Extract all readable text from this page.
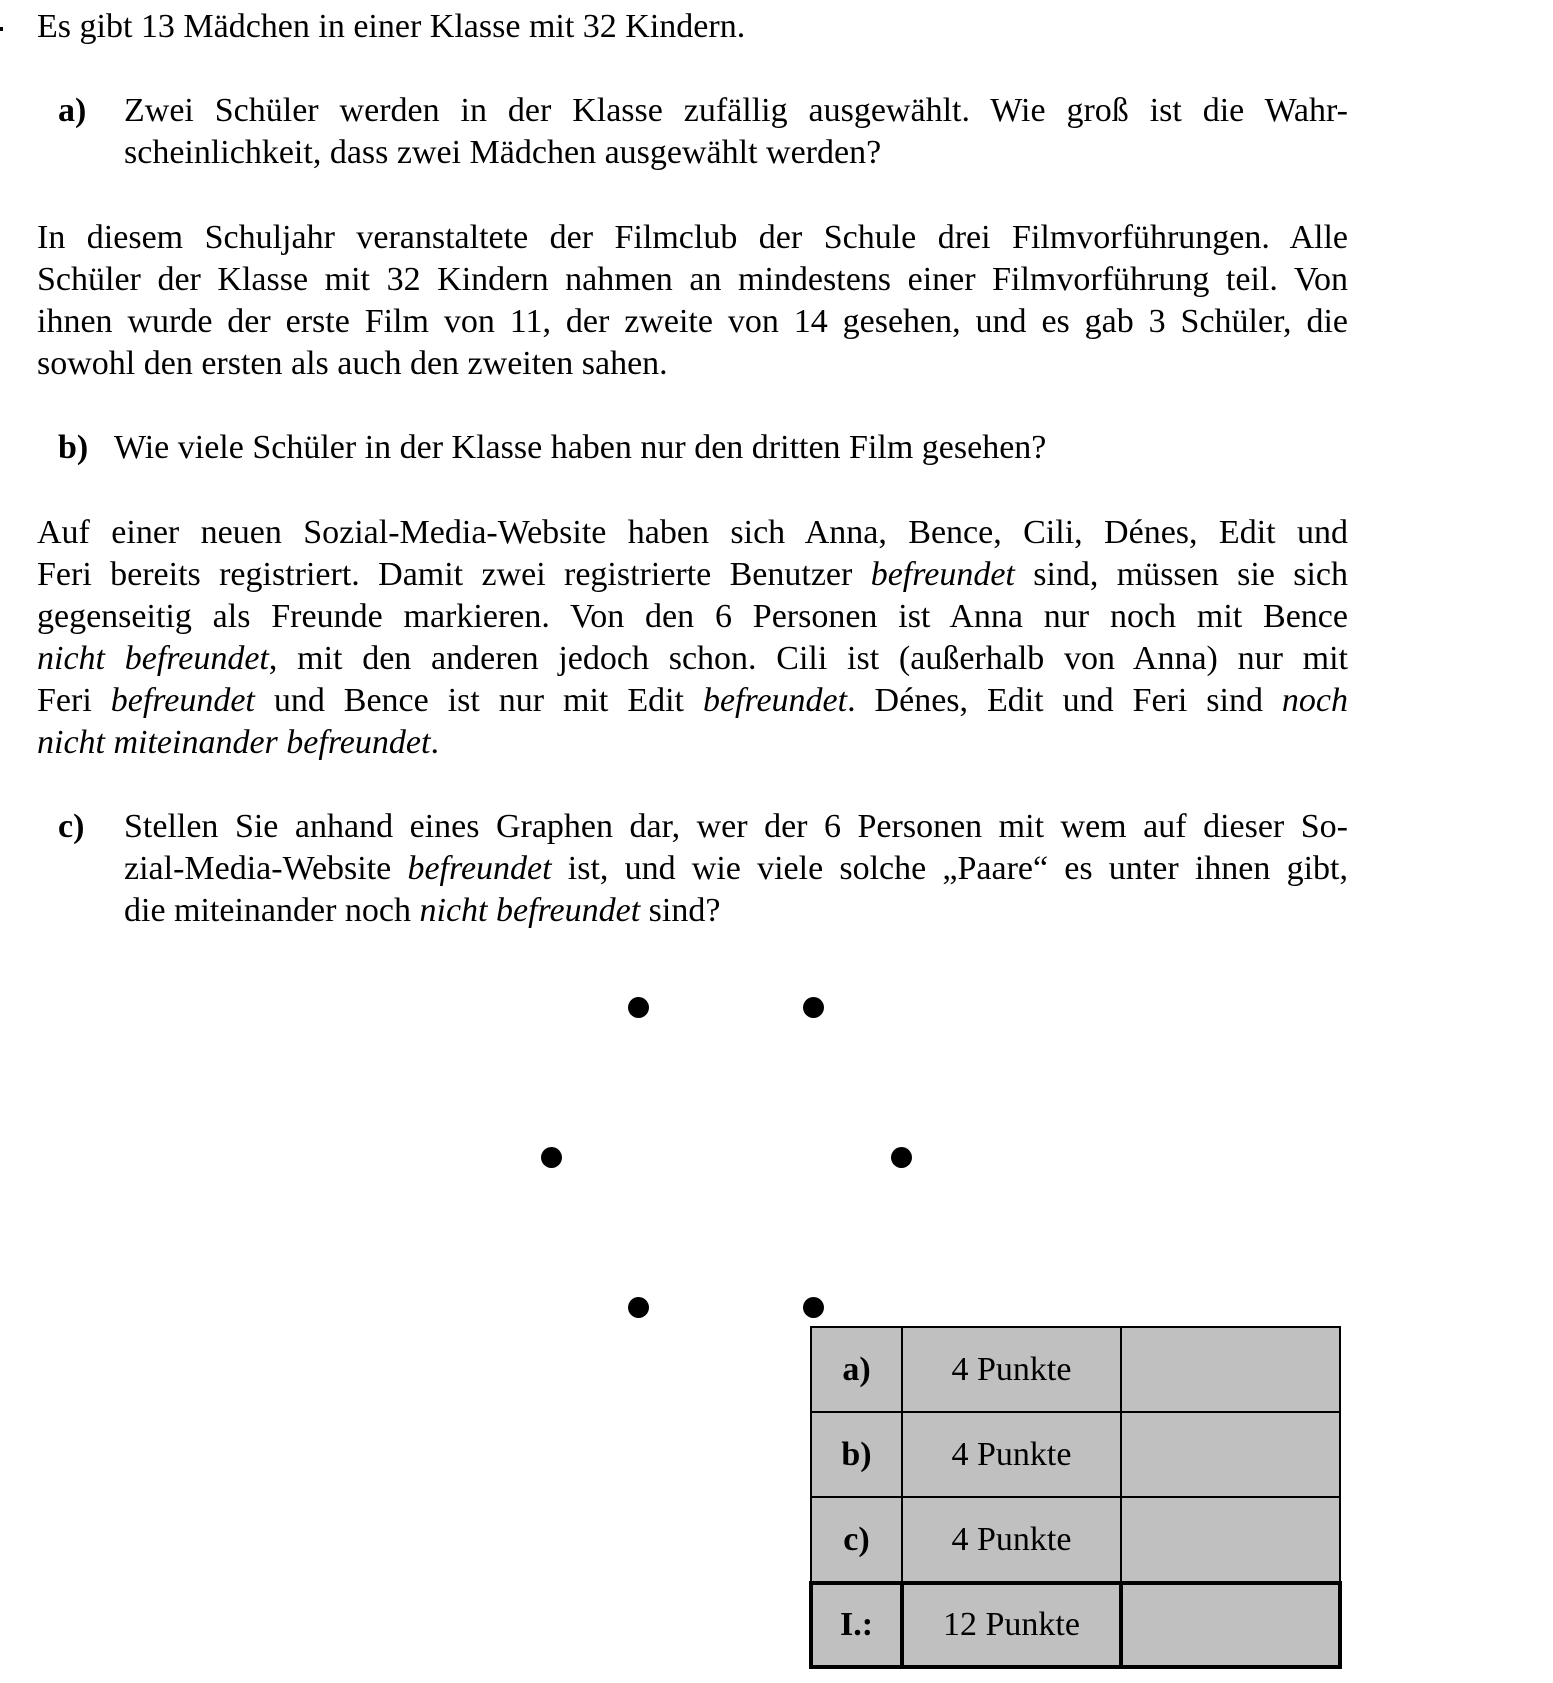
Es gibt 13 Mädchen in einer Klasse mit 32 Kindern.

a) Zwei Schüler werden in der Klasse zufällig ausgewählt. Wie groß ist die Wahr-

scheinlichkeit, dass zwei Mädchen ausgewählt werden?

In diesem Schuljahr veranstaltete der Filmclub der Schule drei Filmvorführungen. Alle

Schüler der Klasse mit 32 Kindern nahmen an mindestens einer Filmvorführung teil. Von

ihnen wurde der erste Film von 11, der zweite von 14 gesehen, und es gab 3 Schüler, die

sowohl den ersten als auch den zweiten sahen.

b) Wie viele Schüler in der Klasse haben nur den dritten Film gesehen?

Auf einer neuen Sozial-Media-Website haben sich Anna, Bence, Cili, Dénes, Edit und

Feri bereits registriert. Damit zwei registrierte Benutzer befreundet sind, müssen sie sich

gegenseitig als Freunde markieren. Von den 6 Personen ist Anna nur noch mit Bence

nicht befreundet, mit den anderen jedoch schon. Cili ist (außerhalb von Anna) nur mit

Feri befreundet und Bence ist nur mit Edit befreundet. Dénes, Edit und Feri sind noch

nicht miteinander befreundet.

c) Stellen Sie anhand eines Graphen dar, wer der 6 Personen mit wem auf dieser So-

zial-Media-Website befreundet ist, und wie viele solche „Paare“ es unter ihnen gibt,

die miteinander noch nicht befreundet sind?

a)	4 Punkte	
b)	4 Punkte	
c)	4 Punkte	
I.:	12 Punkte	
